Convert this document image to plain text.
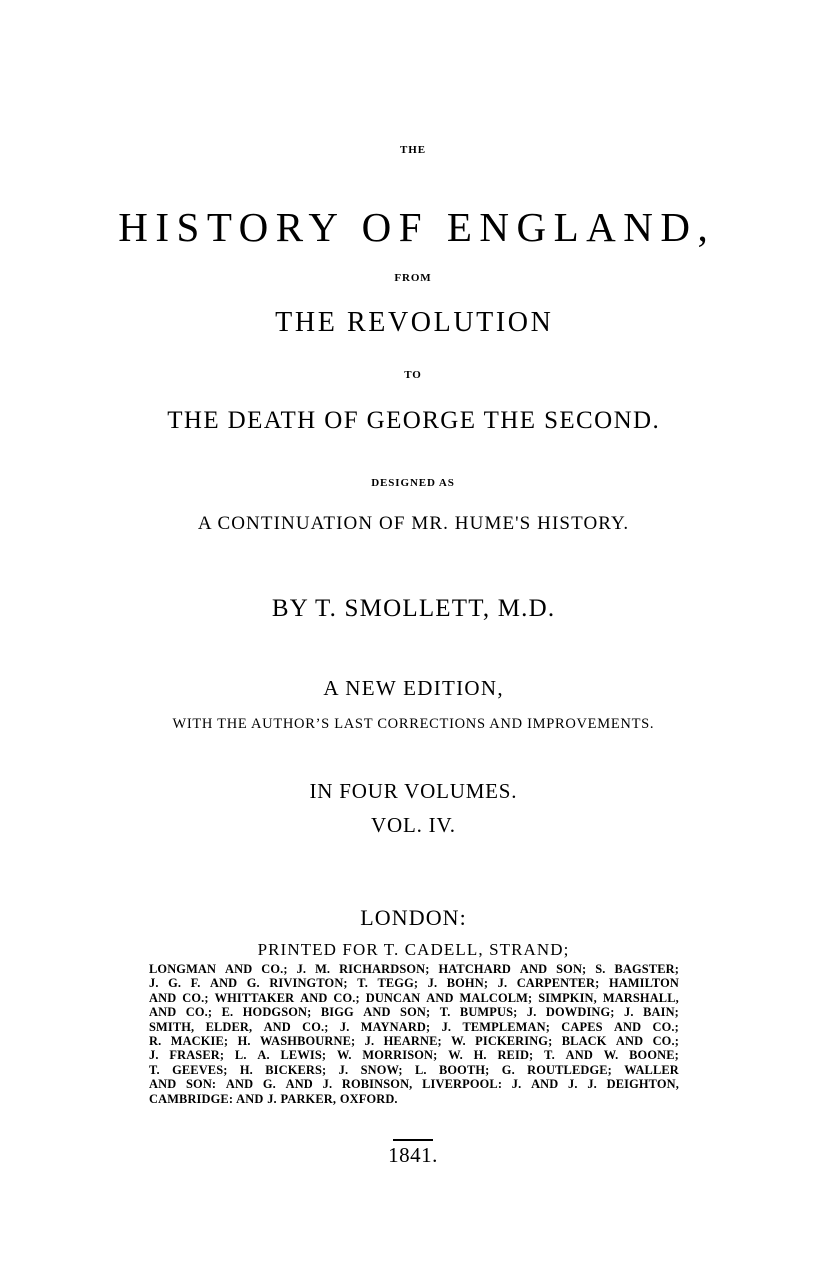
THE
HISTORY OF ENGLAND,
FROM
THE REVOLUTION
TO
THE DEATH OF GEORGE THE SECOND.
DESIGNED AS
A CONTINUATION OF MR. HUME'S HISTORY.
BY T. SMOLLETT, M.D.
A NEW EDITION,
WITH THE AUTHOR’S LAST CORRECTIONS AND IMPROVEMENTS.
IN FOUR VOLUMES.
VOL. IV.
LONDON:
PRINTED FOR T. CADELL, STRAND;
LONGMAN AND CO.; J. M. RICHARDSON; HATCHARD AND SON; S. BAGSTER;
J. G. F. AND G. RIVINGTON; T. TEGG; J. BOHN; J. CARPENTER; HAMILTON
AND CO.; WHITTAKER AND CO.; DUNCAN AND MALCOLM; SIMPKIN, MARSHALL,
AND CO.; E. HODGSON; BIGG AND SON; T. BUMPUS; J. DOWDING; J. BAIN;
SMITH, ELDER, AND CO.; J. MAYNARD; J. TEMPLEMAN; CAPES AND CO.;
R. MACKIE; H. WASHBOURNE; J. HEARNE; W. PICKERING; BLACK AND CO.;
J. FRASER; L. A. LEWIS; W. MORRISON; W. H. REID; T. AND W. BOONE;
T. GEEVES; H. BICKERS; J. SNOW; L. BOOTH; G. ROUTLEDGE; WALLER
AND SON: AND G. AND J. ROBINSON, LIVERPOOL: J. AND J. J. DEIGHTON,
CAMBRIDGE: AND J. PARKER, OXFORD.
1841.
